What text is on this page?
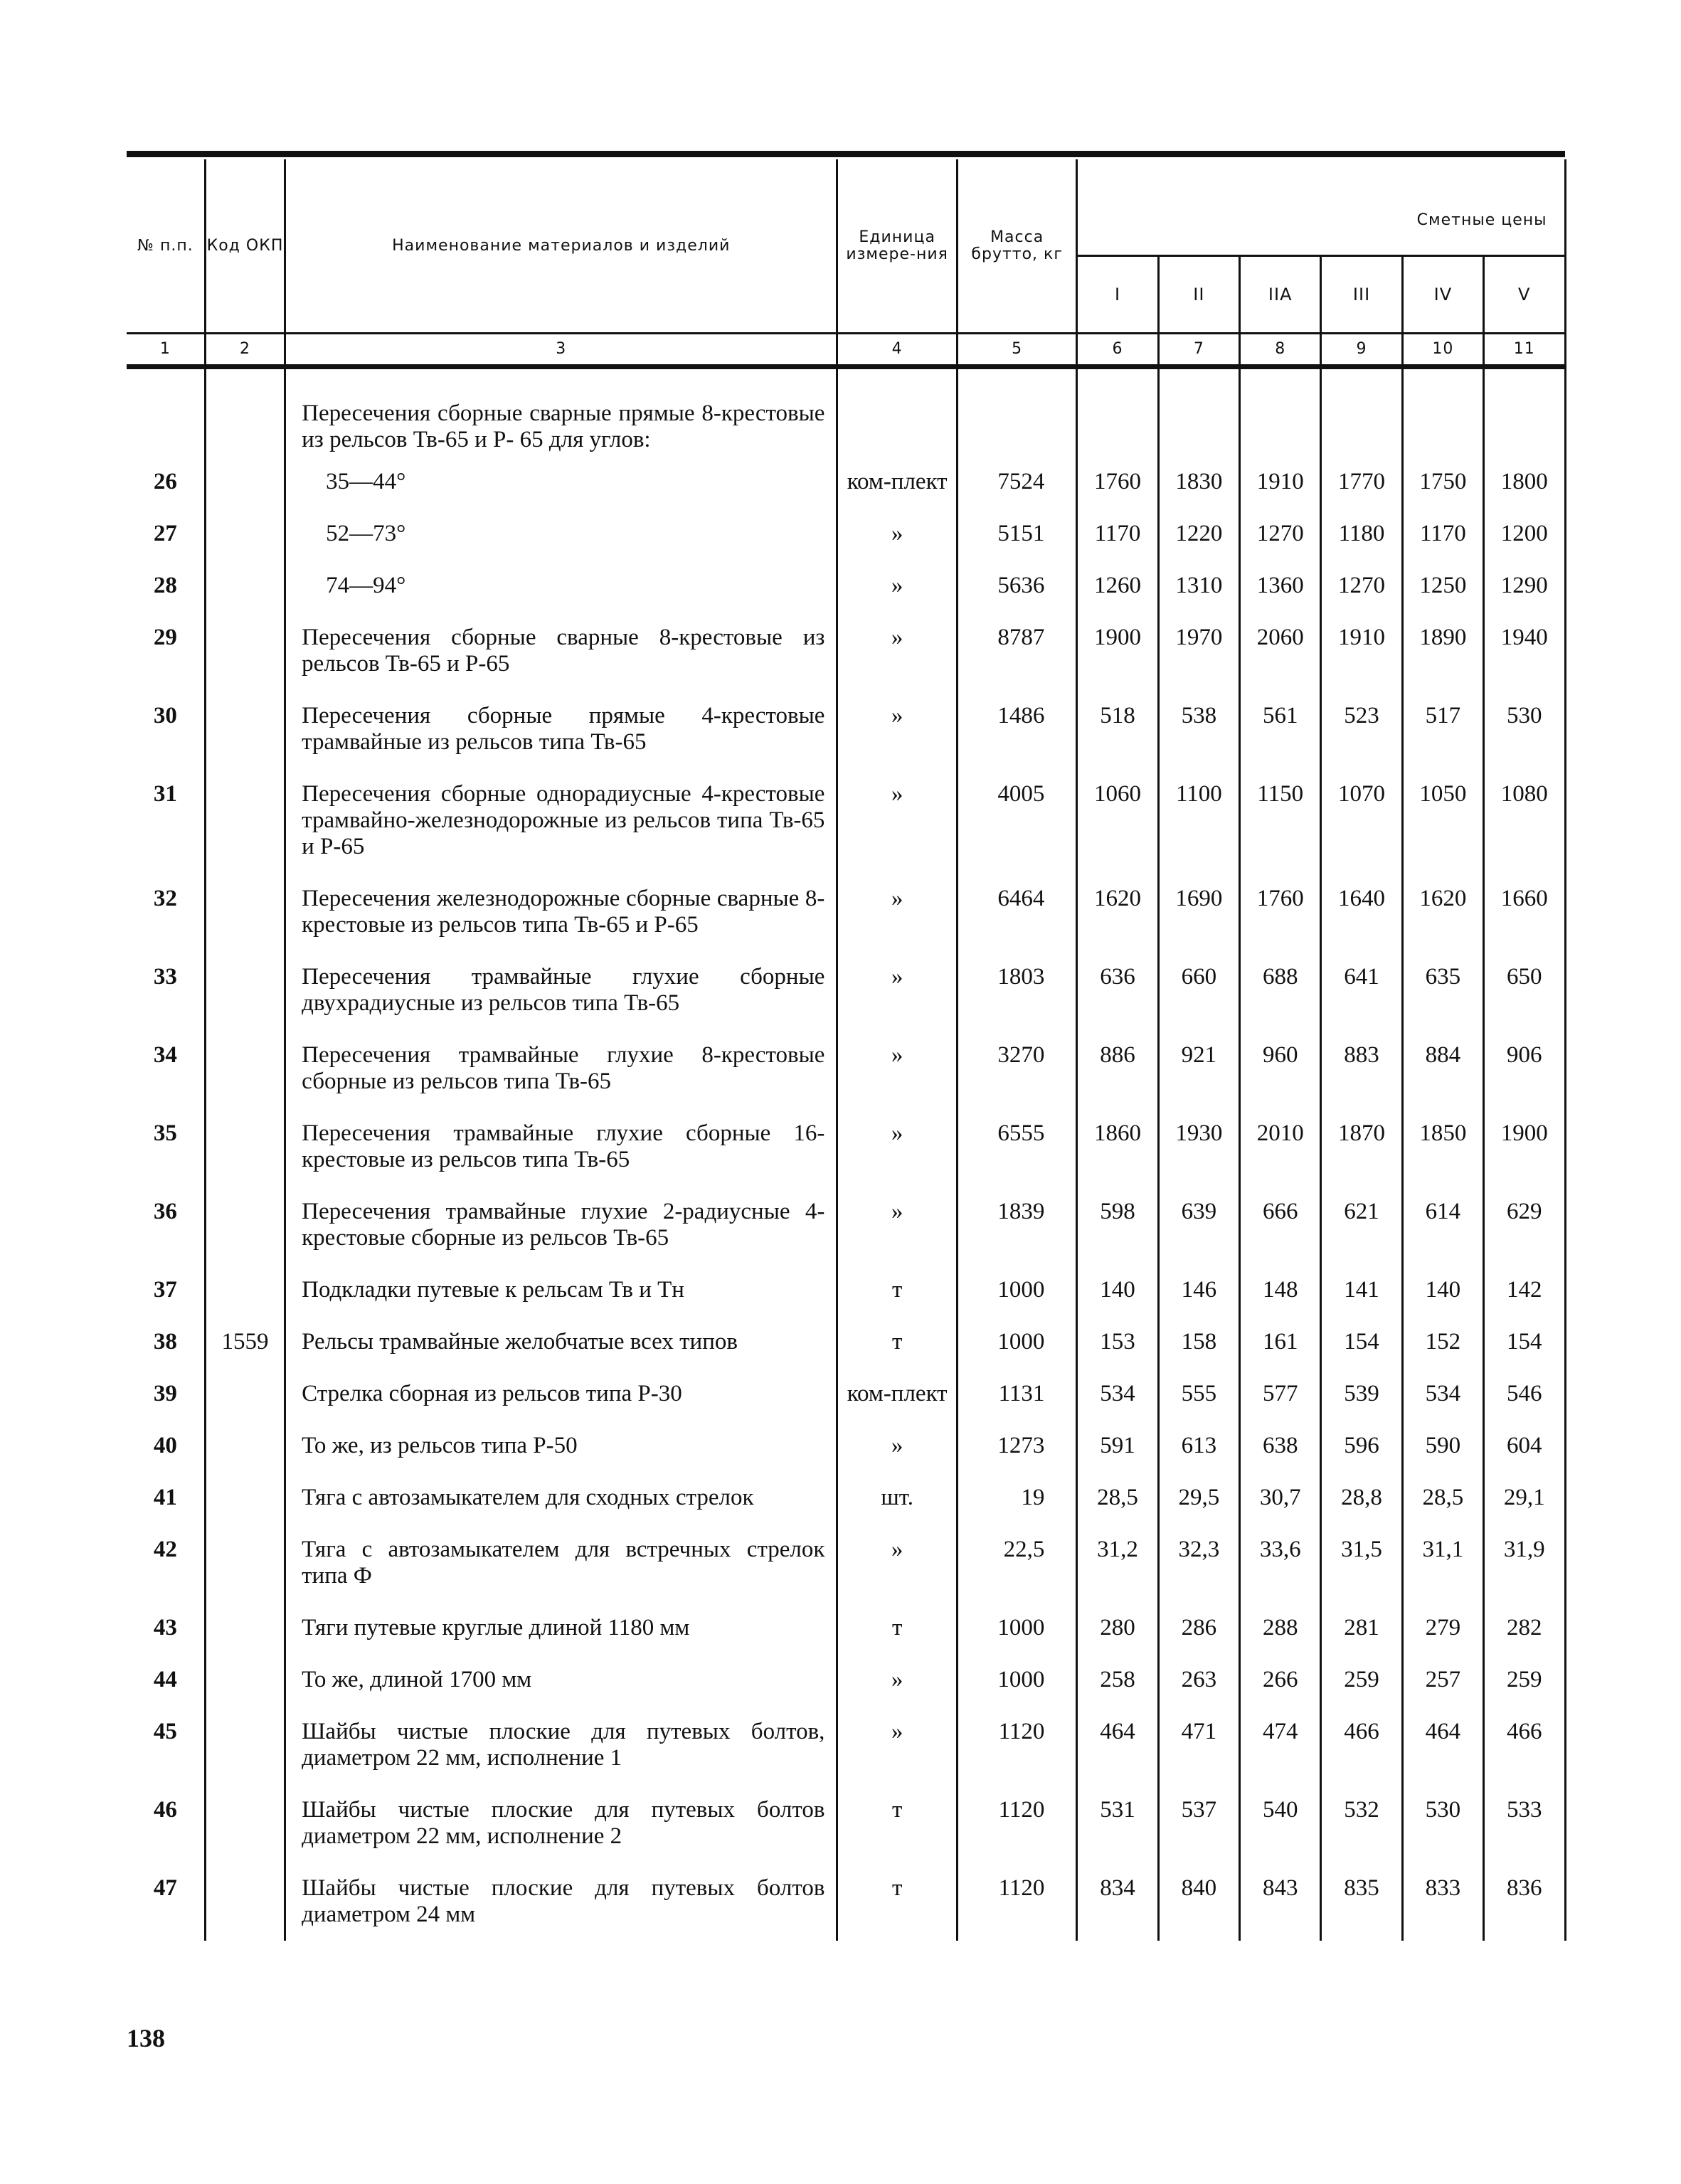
№ п.п.	Код ОКП	Наименование материалов и изделий	Единица измере-ния	Масса брутто, кг	Сметные цены						
					I	II	IIА	III	IV	V	
1	2	3	4	5	6	7	8	9	10	11	
		Пересечения сборные сварные прямые 8-крестовые из рельсов Тв-65 и Р- 65 для углов:									
26		35—44°	ком-плект	7524	1760	1830	1910	1770	1750	1800	
27		52—73°	»	5151	1170	1220	1270	1180	1170	1200	
28		74—94°	»	5636	1260	1310	1360	1270	1250	1290	
29		Пересечения сборные сварные 8-крестовые из рельсов Тв-65 и Р-65	»	8787	1900	1970	2060	1910	1890	1940	
30		Пересечения сборные прямые 4-крестовые трамвайные из рельсов типа Тв-65	»	1486	518	538	561	523	517	530	
31		Пересечения сборные однорадиусные 4-крестовые трамвайно-железнодорожные из рельсов типа Тв-65 и Р-65	»	4005	1060	1100	1150	1070	1050	1080	
32		Пересечения железнодорожные сборные сварные 8-крестовые из рельсов типа Тв-65 и Р-65	»	6464	1620	1690	1760	1640	1620	1660	
33		Пересечения трамвайные глухие сборные двухрадиусные из рельсов типа Тв-65	»	1803	636	660	688	641	635	650	
34		Пересечения трамвайные глухие 8-крестовые сборные из рельсов типа Тв-65	»	3270	886	921	960	883	884	906	
35		Пересечения трамвайные глухие сборные 16-крестовые из рельсов типа Тв-65	»	6555	1860	1930	2010	1870	1850	1900	
36		Пересечения трамвайные глухие 2-радиусные 4-крестовые сборные из рельсов Тв-65	»	1839	598	639	666	621	614	629	
37		Подкладки путевые к рельсам Тв и Тн	т	1000	140	146	148	141	140	142	
38	1559	Рельсы трамвайные желобчатые всех типов	т	1000	153	158	161	154	152	154	
39		Стрелка сборная из рельсов типа Р-30	ком-плект	1131	534	555	577	539	534	546	
40		То же, из рельсов типа Р-50	»	1273	591	613	638	596	590	604	
41		Тяга с автозамыкателем для сходных стрелок	шт.	19	28,5	29,5	30,7	28,8	28,5	29,1	
42		Тяга с автозамыкателем для встречных стрелок типа Ф	»	22,5	31,2	32,3	33,6	31,5	31,1	31,9	
43		Тяги путевые круглые длиной 1180 мм	т	1000	280	286	288	281	279	282	
44		То же, длиной 1700 мм	»	1000	258	263	266	259	257	259	
45		Шайбы чистые плоские для путевых болтов, диаметром 22 мм, исполнение 1	»	1120	464	471	474	466	464	466	
46		Шайбы чистые плоские для путевых болтов диаметром 22 мм, исполнение 2	т	1120	531	537	540	532	530	533	
47		Шайбы чистые плоские для путевых болтов диаметром 24 мм	т	1120	834	840	843	835	833	836	
138
